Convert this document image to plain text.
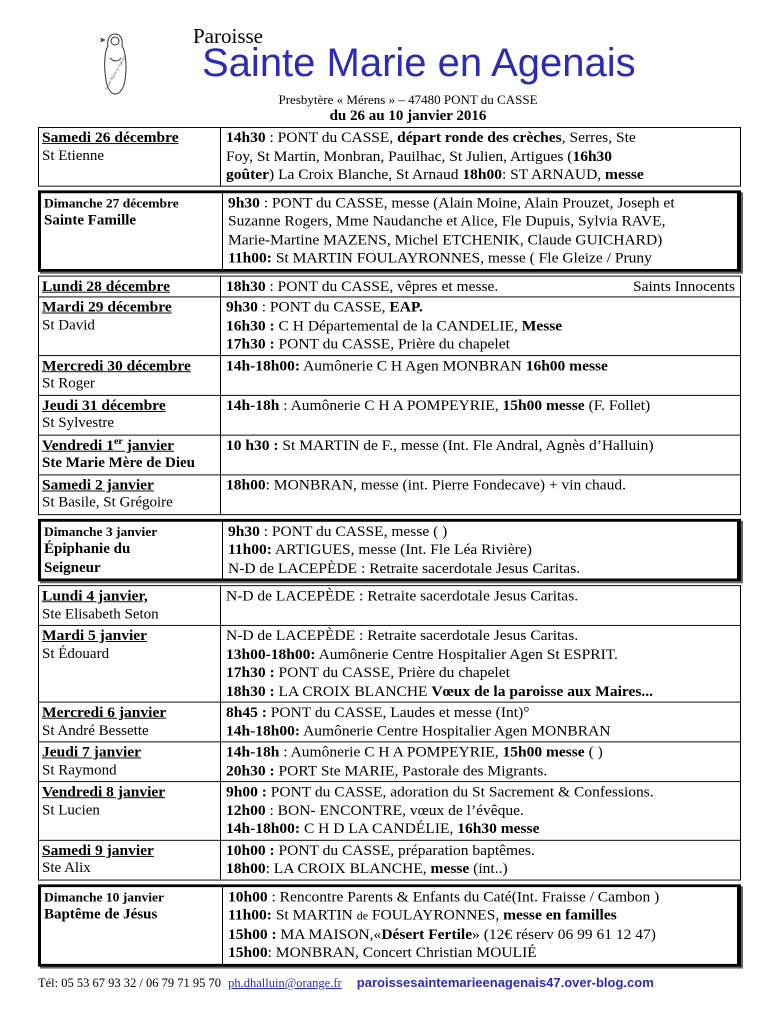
Sainte Marie en Agenais
Paroisse
Sainte Marie en Agenais
Presbytère « Mérens » – 47480 PONT du CASSE
du 26 au 10 janvier 2016
Samedi 26 décembre
St Etienne
14h30 : PONT du CASSE, départ ronde des crèches, Serres, Ste
Foy, St Martin, Monbran, Pauilhac, St Julien, Artigues (16h30
goûter) La Croix Blanche, St Arnaud 18h00: ST ARNAUD, messe
Dimanche 27 décembre
Sainte Famille
9h30 : PONT du CASSE, messe (Alain Moine, Alain Prouzet, Joseph et
Suzanne Rogers, Mme Naudanche et Alice, Fle Dupuis, Sylvia RAVE,
Marie-Martine MAZENS, Michel ETCHENIK, Claude GUICHARD)
11h00: St MARTIN FOULAYRONNES, messe ( Fle Gleize / Pruny
Lundi 28 décembre	18h30 : PONT du CASSE, vêpres et messe.	Saints Innocents
Mardi 29 décembre
St David
9h30 : PONT du CASSE, EAP.
16h30 : C H Départemental de la CANDELIE, Messe
17h30 : PONT du CASSE, Prière du chapelet
Mercredi 30 décembre
St Roger
14h-18h00: Aumônerie C H Agen MONBRAN 16h00 messe
Jeudi 31 décembre
St Sylvestre
14h-18h : Aumônerie C H A POMPEYRIE, 15h00 messe (F. Follet)
Vendredi 1er janvier
Ste Marie Mère de Dieu
10 h30 : St MARTIN de F., messe (Int. Fle Andral, Agnès d’Halluin)
Samedi 2 janvier
St Basile, St Grégoire
18h00: MONBRAN, messe (int. Pierre Fondecave) + vin chaud.
Dimanche 3 janvier
Épiphanie du
Seigneur
9h30 : PONT du CASSE, messe ( )
11h00: ARTIGUES, messe (Int. Fle Léa Rivière)
N-D de LACEPÈDE : Retraite sacerdotale Jesus Caritas.
Lundi 4 janvier,
Ste Elisabeth Seton
N-D de LACEPÈDE : Retraite sacerdotale Jesus Caritas.
Mardi 5 janvier
St Édouard
N-D de LACEPÈDE : Retraite sacerdotale Jesus Caritas.
13h00-18h00: Aumônerie Centre Hospitalier Agen St ESPRIT.
17h30 : PONT du CASSE, Prière du chapelet
18h30 : LA CROIX BLANCHE Vœux de la paroisse aux Maires...
Mercredi 6 janvier
St André Bessette
8h45 : PONT du CASSE, Laudes et messe (Int)°
14h-18h00: Aumônerie Centre Hospitalier Agen MONBRAN
Jeudi 7 janvier
St Raymond
14h-18h : Aumônerie C H A POMPEYRIE, 15h00 messe ( )
20h30 : PORT Ste MARIE, Pastorale des Migrants.
Vendredi 8 janvier
St Lucien
9h00 : PONT du CASSE, adoration du St Sacrement & Confessions.
12h00 : BON- ENCONTRE, vœux de l’évêque.
14h-18h00: C H D LA CANDÉLIE, 16h30 messe
Samedi 9 janvier
Ste Alix
10h00 : PONT du CASSE, préparation baptêmes.
18h00: LA CROIX BLANCHE, messe (int..)
Dimanche 10 janvier
Baptême de Jésus
10h00 : Rencontre Parents & Enfants du Caté(Int. Fraisse / Cambon )
11h00: St MARTIN de FOULAYRONNES, messe en familles
15h00 : MA MAISON,«Désert Fertile» (12€ réserv 06 99 61 12 47)
15h00: MONBRAN, Concert Christian MOULIÉ
Tél: 05 53 67 93 32 / 06 79 71 95 70 ph.dhalluin@orange.fr paroissesaintemarieenagenais47.over-blog.com
